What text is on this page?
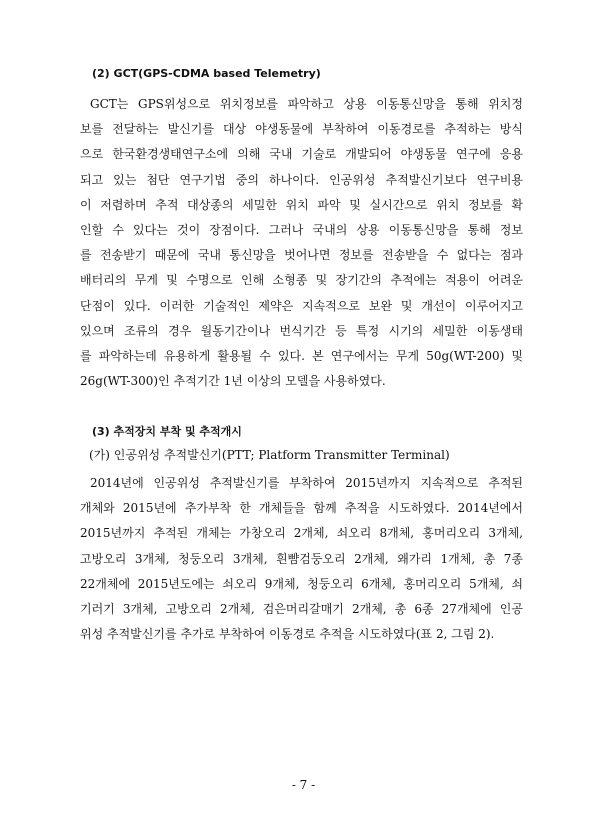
(2) GCT(GPS-CDMA based Telemetry)
GCT는 GPS위성으로 위치정보를 파악하고 상용 이동통신망을 통해 위치정
보를 전달하는 발신기를 대상 야생동물에 부착하여 이동경로를 추적하는 방식
으로 한국환경생태연구소에 의해 국내 기술로 개발되어 야생동물 연구에 응용
되고 있는 첨단 연구기법 중의 하나이다. 인공위성 추적발신기보다 연구비용
이 저렴하며 추적 대상종의 세밀한 위치 파악 및 실시간으로 위치 정보를 확
인할 수 있다는 것이 장점이다. 그러나 국내의 상용 이동통신망을 통해 정보
를 전송받기 때문에 국내 통신망을 벗어나면 정보를 전송받을 수 없다는 점과
배터리의 무게 및 수명으로 인해 소형종 및 장기간의 추적에는 적용이 어려운
단점이 있다. 이러한 기술적인 제약은 지속적으로 보완 및 개선이 이루어지고
있으며 조류의 경우 월동기간이나 번식기간 등 특정 시기의 세밀한 이동생태
를 파악하는데 유용하게 활용될 수 있다. 본 연구에서는 무게 50g(WT-200) 및
26g(WT-300)인 추적기간 1년 이상의 모델을 사용하였다.
(3) 추적장치 부착 및 추적개시
(가) 인공위성 추적발신기(PTT; Platform Transmitter Terminal)
2014년에 인공위성 추적발신기를 부착하여 2015년까지 지속적으로 추적된
개체와 2015년에 추가부착 한 개체들을 함께 추적을 시도하였다. 2014년에서
2015년까지 추적된 개체는 가창오리 2개체, 쇠오리 8개체, 홍머리오리 3개체,
고방오리 3개체, 청둥오리 3개체, 흰뺨검둥오리 2개체, 왜가리 1개체, 총 7종
22개체에 2015년도에는 쇠오리 9개체, 청둥오리 6개체, 홍머리오리 5개체, 쇠
기러기 3개체, 고방오리 2개체, 검은머리갈매기 2개체, 총 6종 27개체에 인공
위성 추적발신기를 추가로 부착하여 이동경로 추적을 시도하였다(표 2, 그림 2).
- 7 -
